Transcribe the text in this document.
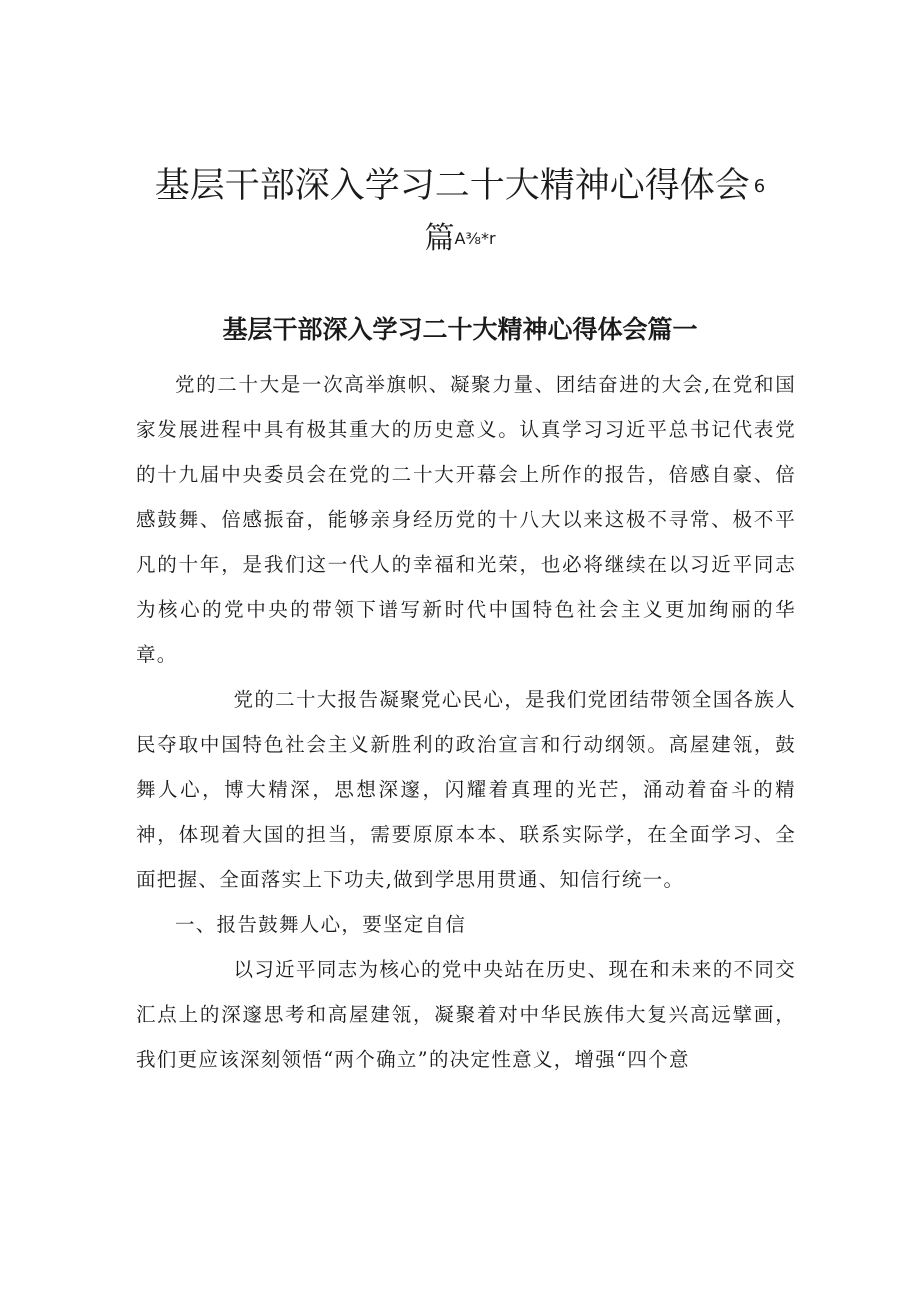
基层干部深入学习二十大精神心得体会 6
篇$^{A\frac{3}{8}*r}$
基层干部深入学习二十大精神心得体会篇一

党的二十大是一次高举旗帜、凝聚力量、团结奋进的大会,在党和国家发展进程中具有极其重大的历史意义。认真学习习近平总书记代表党的十九届中央委员会在党的二十大开幕会上所作的报告，倍感自豪、倍感鼓舞、倍感振奋，能够亲身经历党的十八大以来这极不寻常、极不平凡的十年，是我们这一代人的幸福和光荣，也必将继续在以习近平同志为核心的党中央的带领下谱写新时代中国特色社会主义更加绚丽的华章。

党的二十大报告凝聚党心民心，是我们党团结带领全国各族人民夺取中国特色社会主义新胜利的政治宣言和行动纲领。高屋建瓴，鼓舞人心，博大精深，思想深邃，闪耀着真理的光芒，涌动着奋斗的精神，体现着大国的担当，需要原原本本、联系实际学，在全面学习、全面把握、全面落实上下功夫,做到学思用贯通、知信行统一。

一、报告鼓舞人心，要坚定自信

以习近平同志为核心的党中央站在历史、现在和未来的不同交汇点上的深邃思考和高屋建瓴，凝聚着对中华民族伟大复兴高远擘画，我们更应该深刻领悟“两个确立”的决定性意义，增强“四个意
